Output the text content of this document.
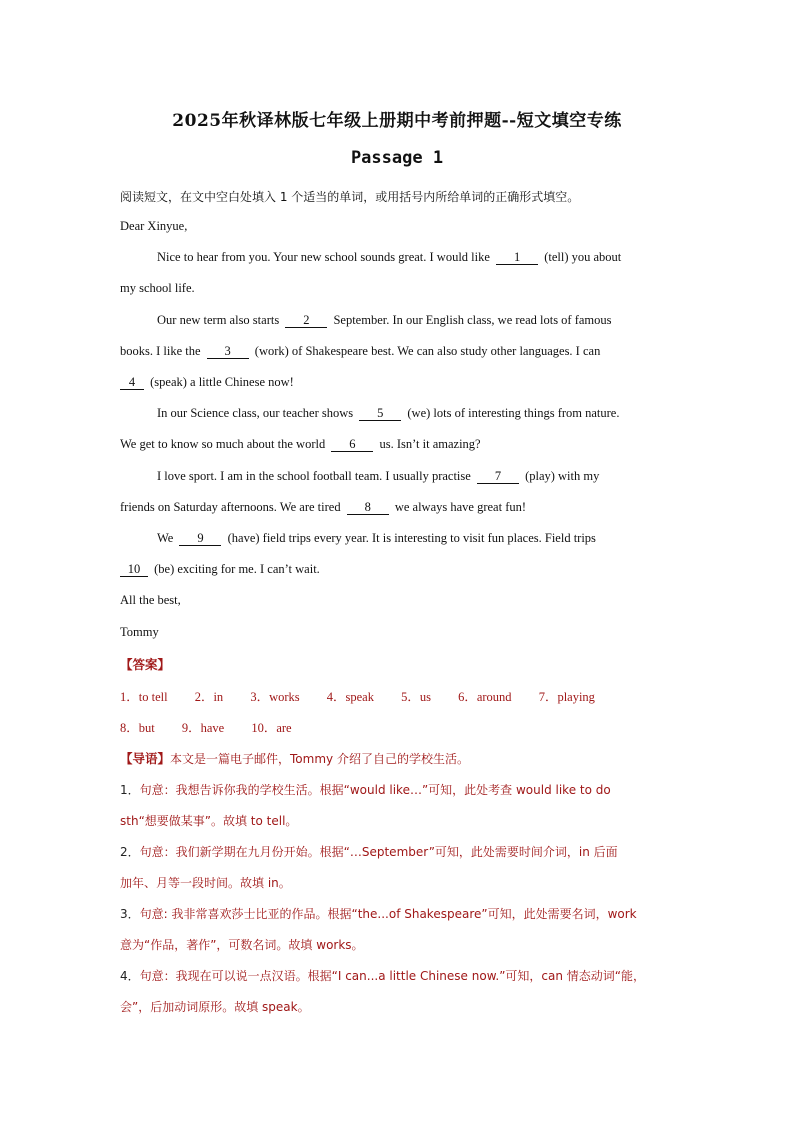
2025年秋译林版七年级上册期中考前押题--短文填空专练
Passage 1
阅读短文，在文中空白处填入 1 个适当的单词，或用括号内所给单词的正确形式填空。
Dear Xinyue,
Nice to hear from you. Your new school sounds great. I would like 1 (tell) you about
my school life.
Our new term also starts 2 September. In our English class, we read lots of famous
books. I like the 3 (work) of Shakespeare best. We can also study other languages. I can
4 (speak) a little Chinese now!
In our Science class, our teacher shows 5 (we) lots of interesting things from nature.
We get to know so much about the world 6 us. Isn’t it amazing?
I love sport. I am in the school football team. I usually practise 7 (play) with my
friends on Saturday afternoons. We are tired 8 we always have great fun!
We 9 (have) field trips every year. It is interesting to visit fun places. Field trips
10 (be) exciting for me. I can’t wait.
All the best,
Tommy
【答案】
1．to tell 2．in 3．works 4．speak 5．us 6．around 7．playing
8．but 9．have 10．are
【导语】本文是一篇电子邮件，Tommy 介绍了自己的学校生活。
1．句意：我想告诉你我的学校生活。根据“would like…”可知，此处考查 would like to do
sth“想要做某事”。故填 to tell。
2．句意：我们新学期在九月份开始。根据“…September”可知，此处需要时间介词，in 后面
加年、月等一段时间。故填 in。
3．句意: 我非常喜欢莎士比亚的作品。根据“the...of Shakespeare”可知，此处需要名词，work
意为“作品，著作”，可数名词。故填 works。
4．句意：我现在可以说一点汉语。根据“I can...a little Chinese now.”可知，can 情态动词“能，
会”，后加动词原形。故填 speak。
